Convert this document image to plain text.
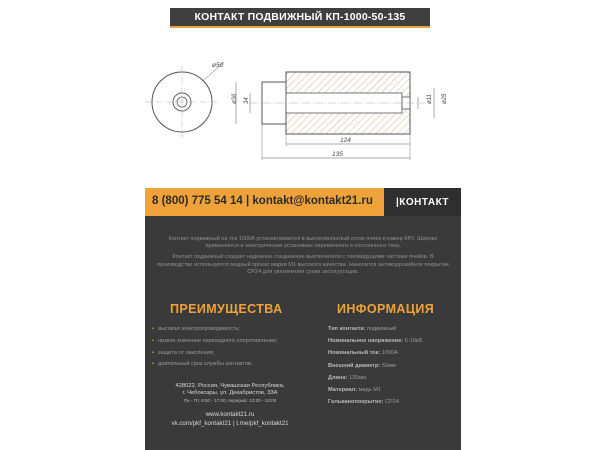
КОНТАКТ ПОДВИЖНЫЙ КП-1000-50-135
ø50
ø36 34	ø11 ø25
124
135
8 (800) 775 54 14 | kontakt@kontakt21.ru	|КОНТАКТ

Контакт подвижный на ток 1000А устанавливается в высоковольтный отсек ячеек и камер КРУ. Широко применяется в электрических установках переменного и постоянного тока.

Контакт подвижный создает надежное соединение выключателя с токоведущими частями ячейки. В производстве используется медный прокат марки М1 высокого качества. Наносится антикоррозийное покрытие СР24 для увеличения срока эксплуатации.

ПРЕИМУЩЕСТВА	ИНФОРМАЦИЯ
• высокая электропроводимость;
• низкое значение переходного сопротивления;
• защита от окисления;
• длительный срок службы контактов.
Тип контакта: подвижный
Номинальное напряжение: 6-10кВ
Номинальный ток: 1000А
Внешний диаметр: 50мм
Длина: 135мм
Материал: медь М1
Гальванопокрытие: СР24
428022, Россия, Чувашская Республика,
г. Чебоксары, ул. Декабристов, 33А
Пн - Пт, 8:00 - 17:00, перерыв: 12:00 - 13:00
www.kontakt21.ru
vk.com/pkf_kontakt21 | t.me/pkf_kontakt21
